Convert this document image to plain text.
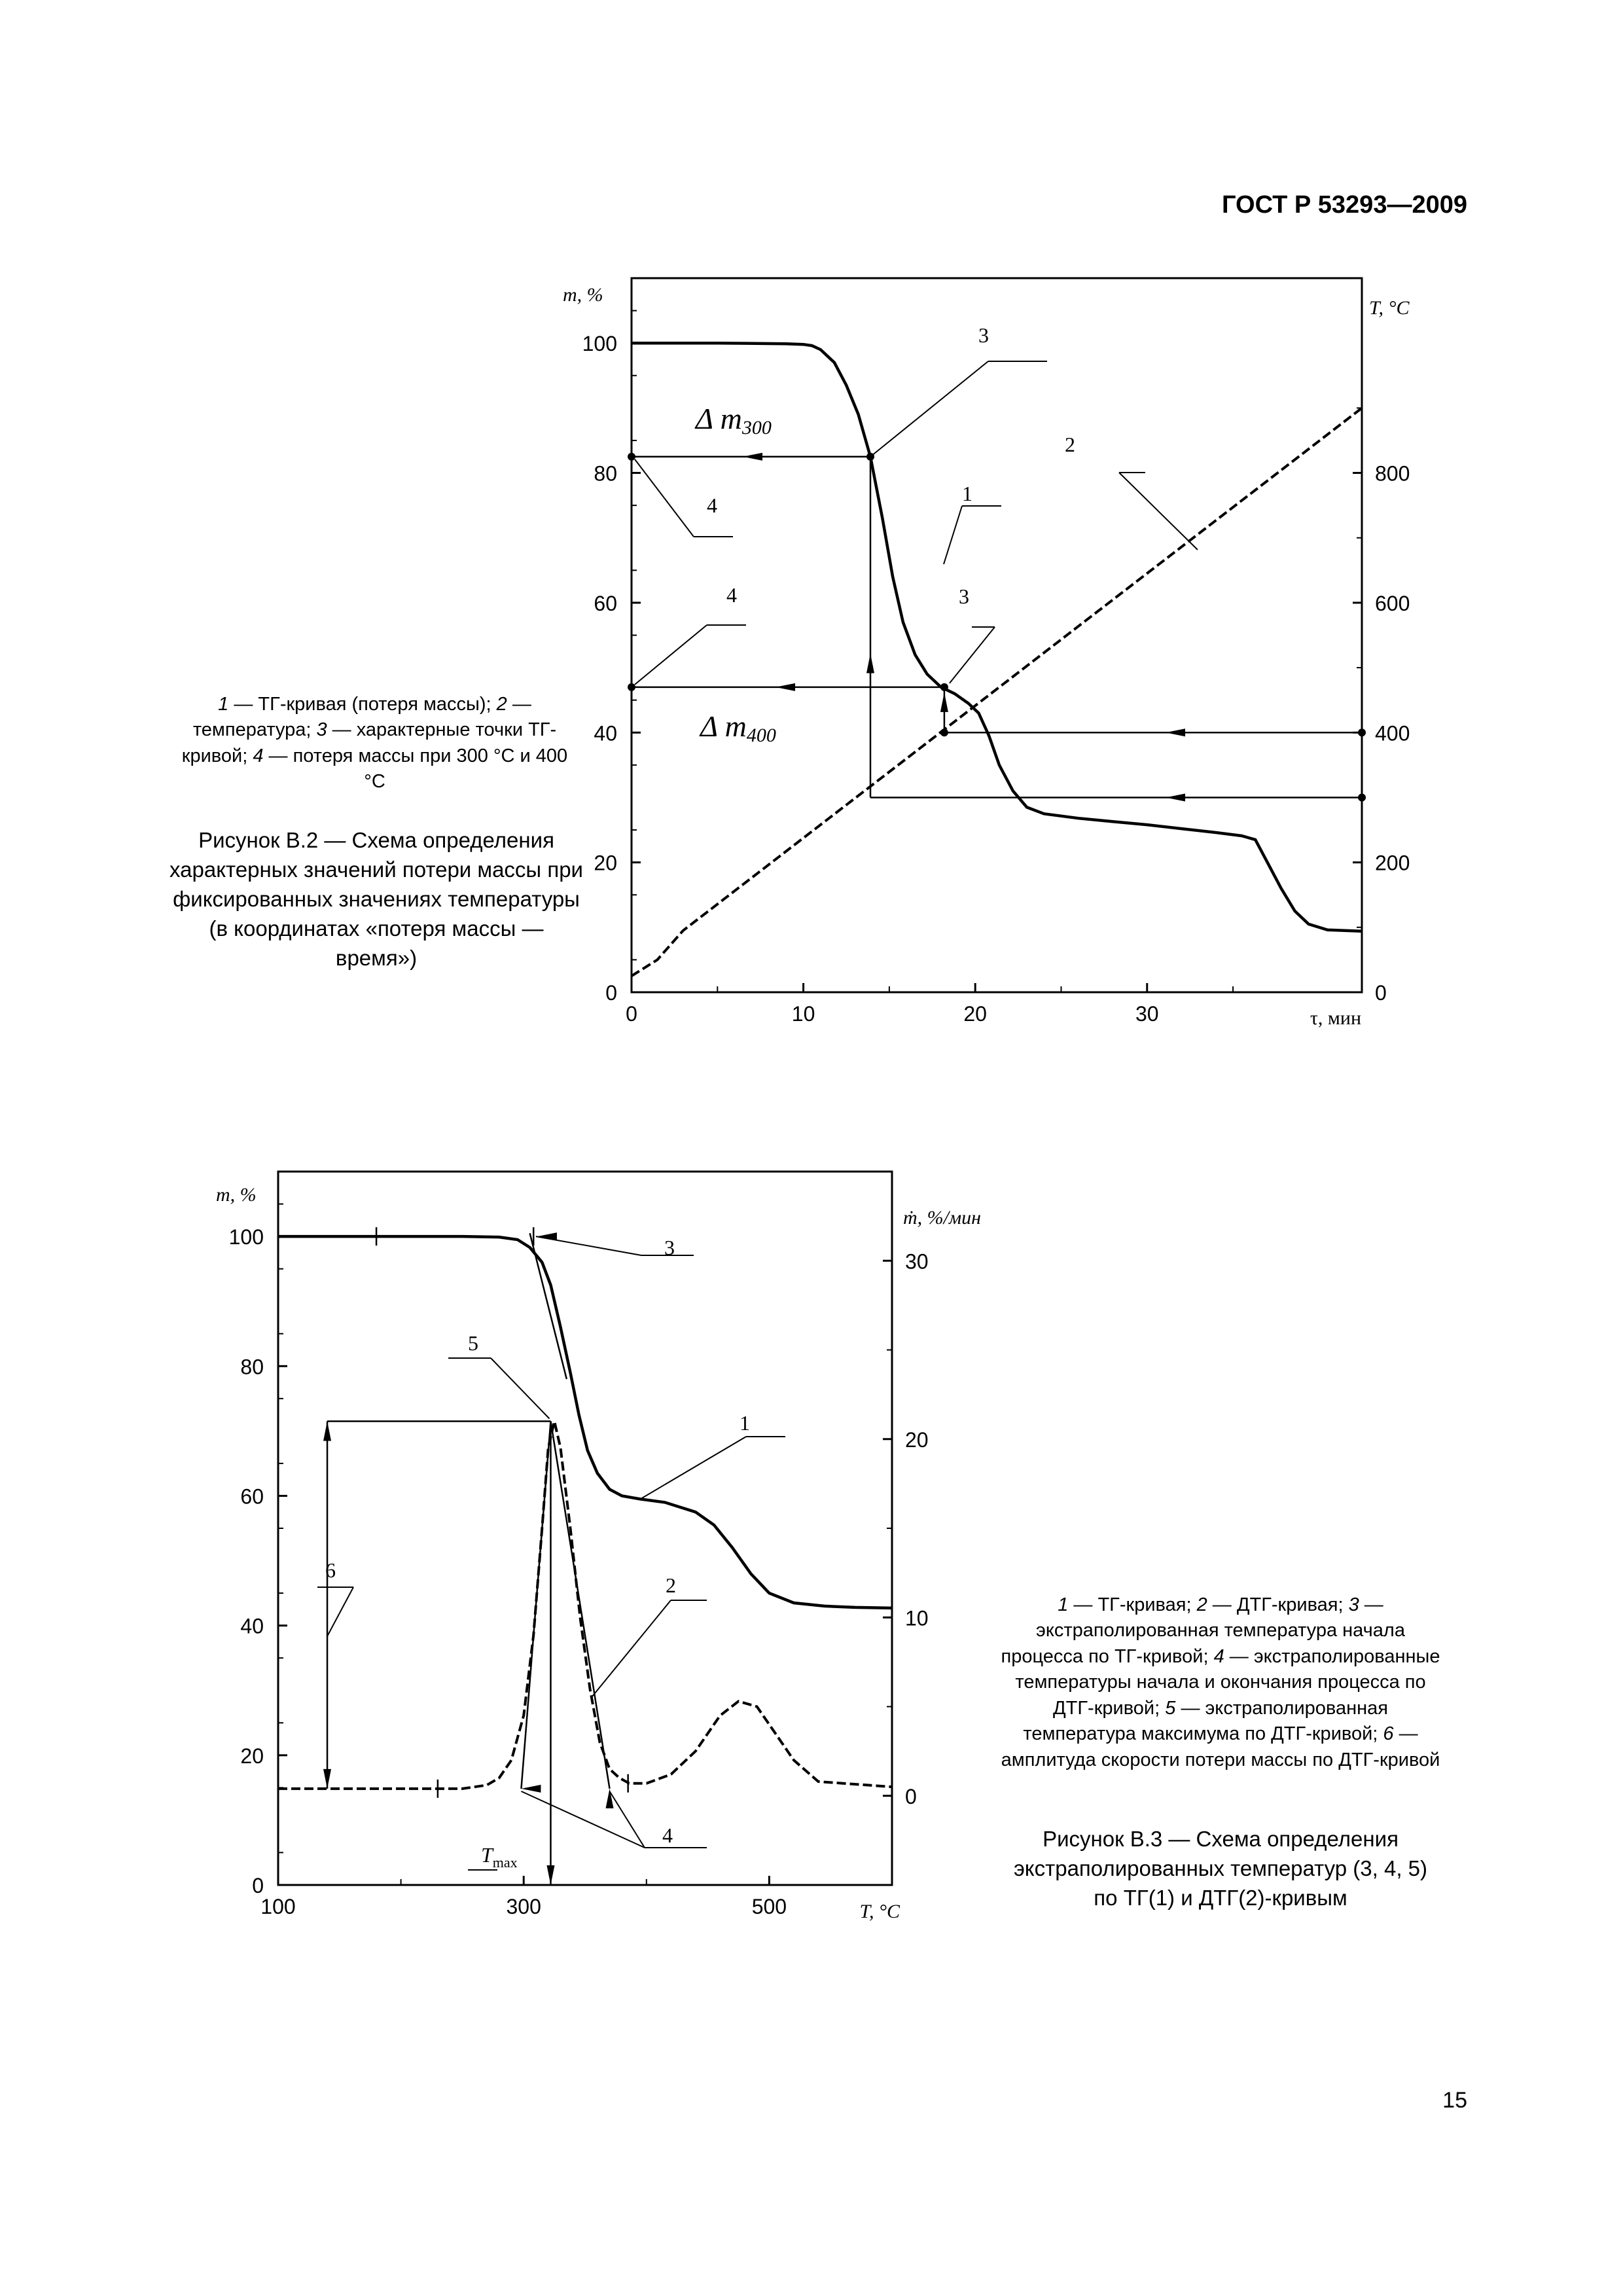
ГОСТ Р 53293—2009
0	10	20	30
0
20
40
60
80
100
0
200
400
600
800
m, %
T, °C
τ, мин
Δ m300
Δ m400
1
2
3
3
4
4
1 — ТГ-кривая (потеря массы); 2 — температура; 3 — характерные точки ТГ-кривой; 4 — потеря массы при 300 °C и 400 °C
Рисунок В.2 — Схема определения характерных значений потери массы при фиксированных значениях температуры (в координатах «потеря массы — время»)
100	300	500
0
20
40
60
80
100
0
10
20
30
m, %
ṁ, %/мин
T, °C
$T_{max}$
1
2
3
4
5
6
1 — ТГ-кривая; 2 — ДТГ-кривая; 3 — экстраполированная температура начала процесса по ТГ-кривой; 4 — экстраполированные температуры начала и окончания процесса по ДТГ-кривой; 5 — экстраполированная температура максимума по ДТГ-кривой; 6 — амплитуда скорости потери массы по ДТГ-кривой
Рисунок В.3 — Схема определения экстраполированных температур (3, 4, 5) по ТГ(1) и ДТГ(2)-кривым
15
